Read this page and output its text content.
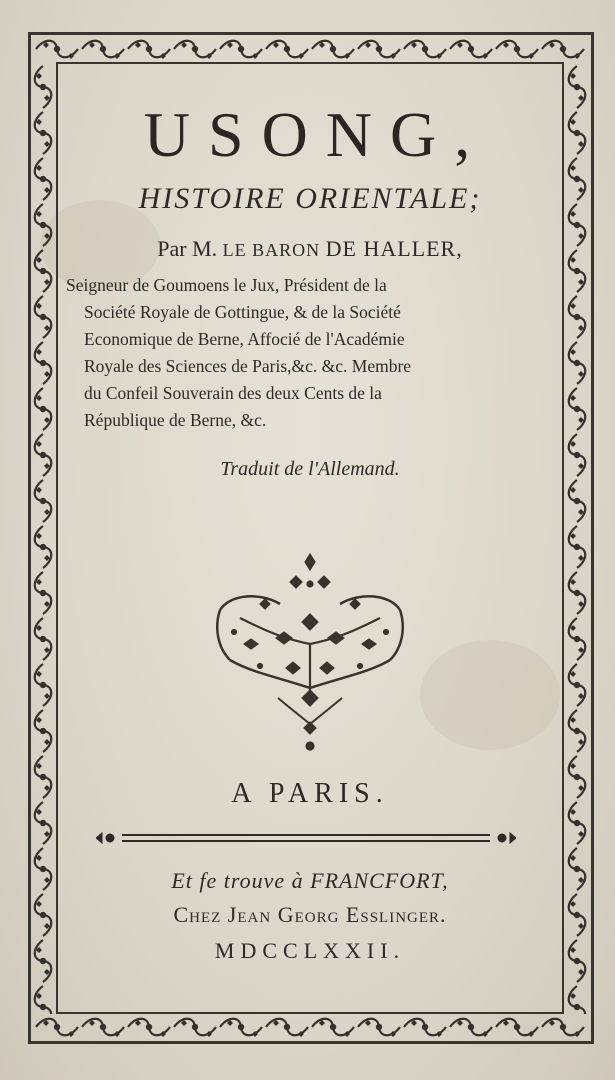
USONG,
HISTOIRE ORIENTALE;
Par M. LE BARON DE HALLER,
Seigneur de Goumoens le Jux, Président de la
Société Royale de Gottingue, & de la Société
Economique de Berne, Affocié de l'Académie
Royale des Sciences de Paris,&c. &c. Membre
du Confeil Souverain des deux Cents de la
République de Berne, &c.
Traduit de l'Allemand.
A PARIS.
Et fe trouve à FRANCFORT,
Chez Jean Georg Esslinger.
MDCCLXXII.
